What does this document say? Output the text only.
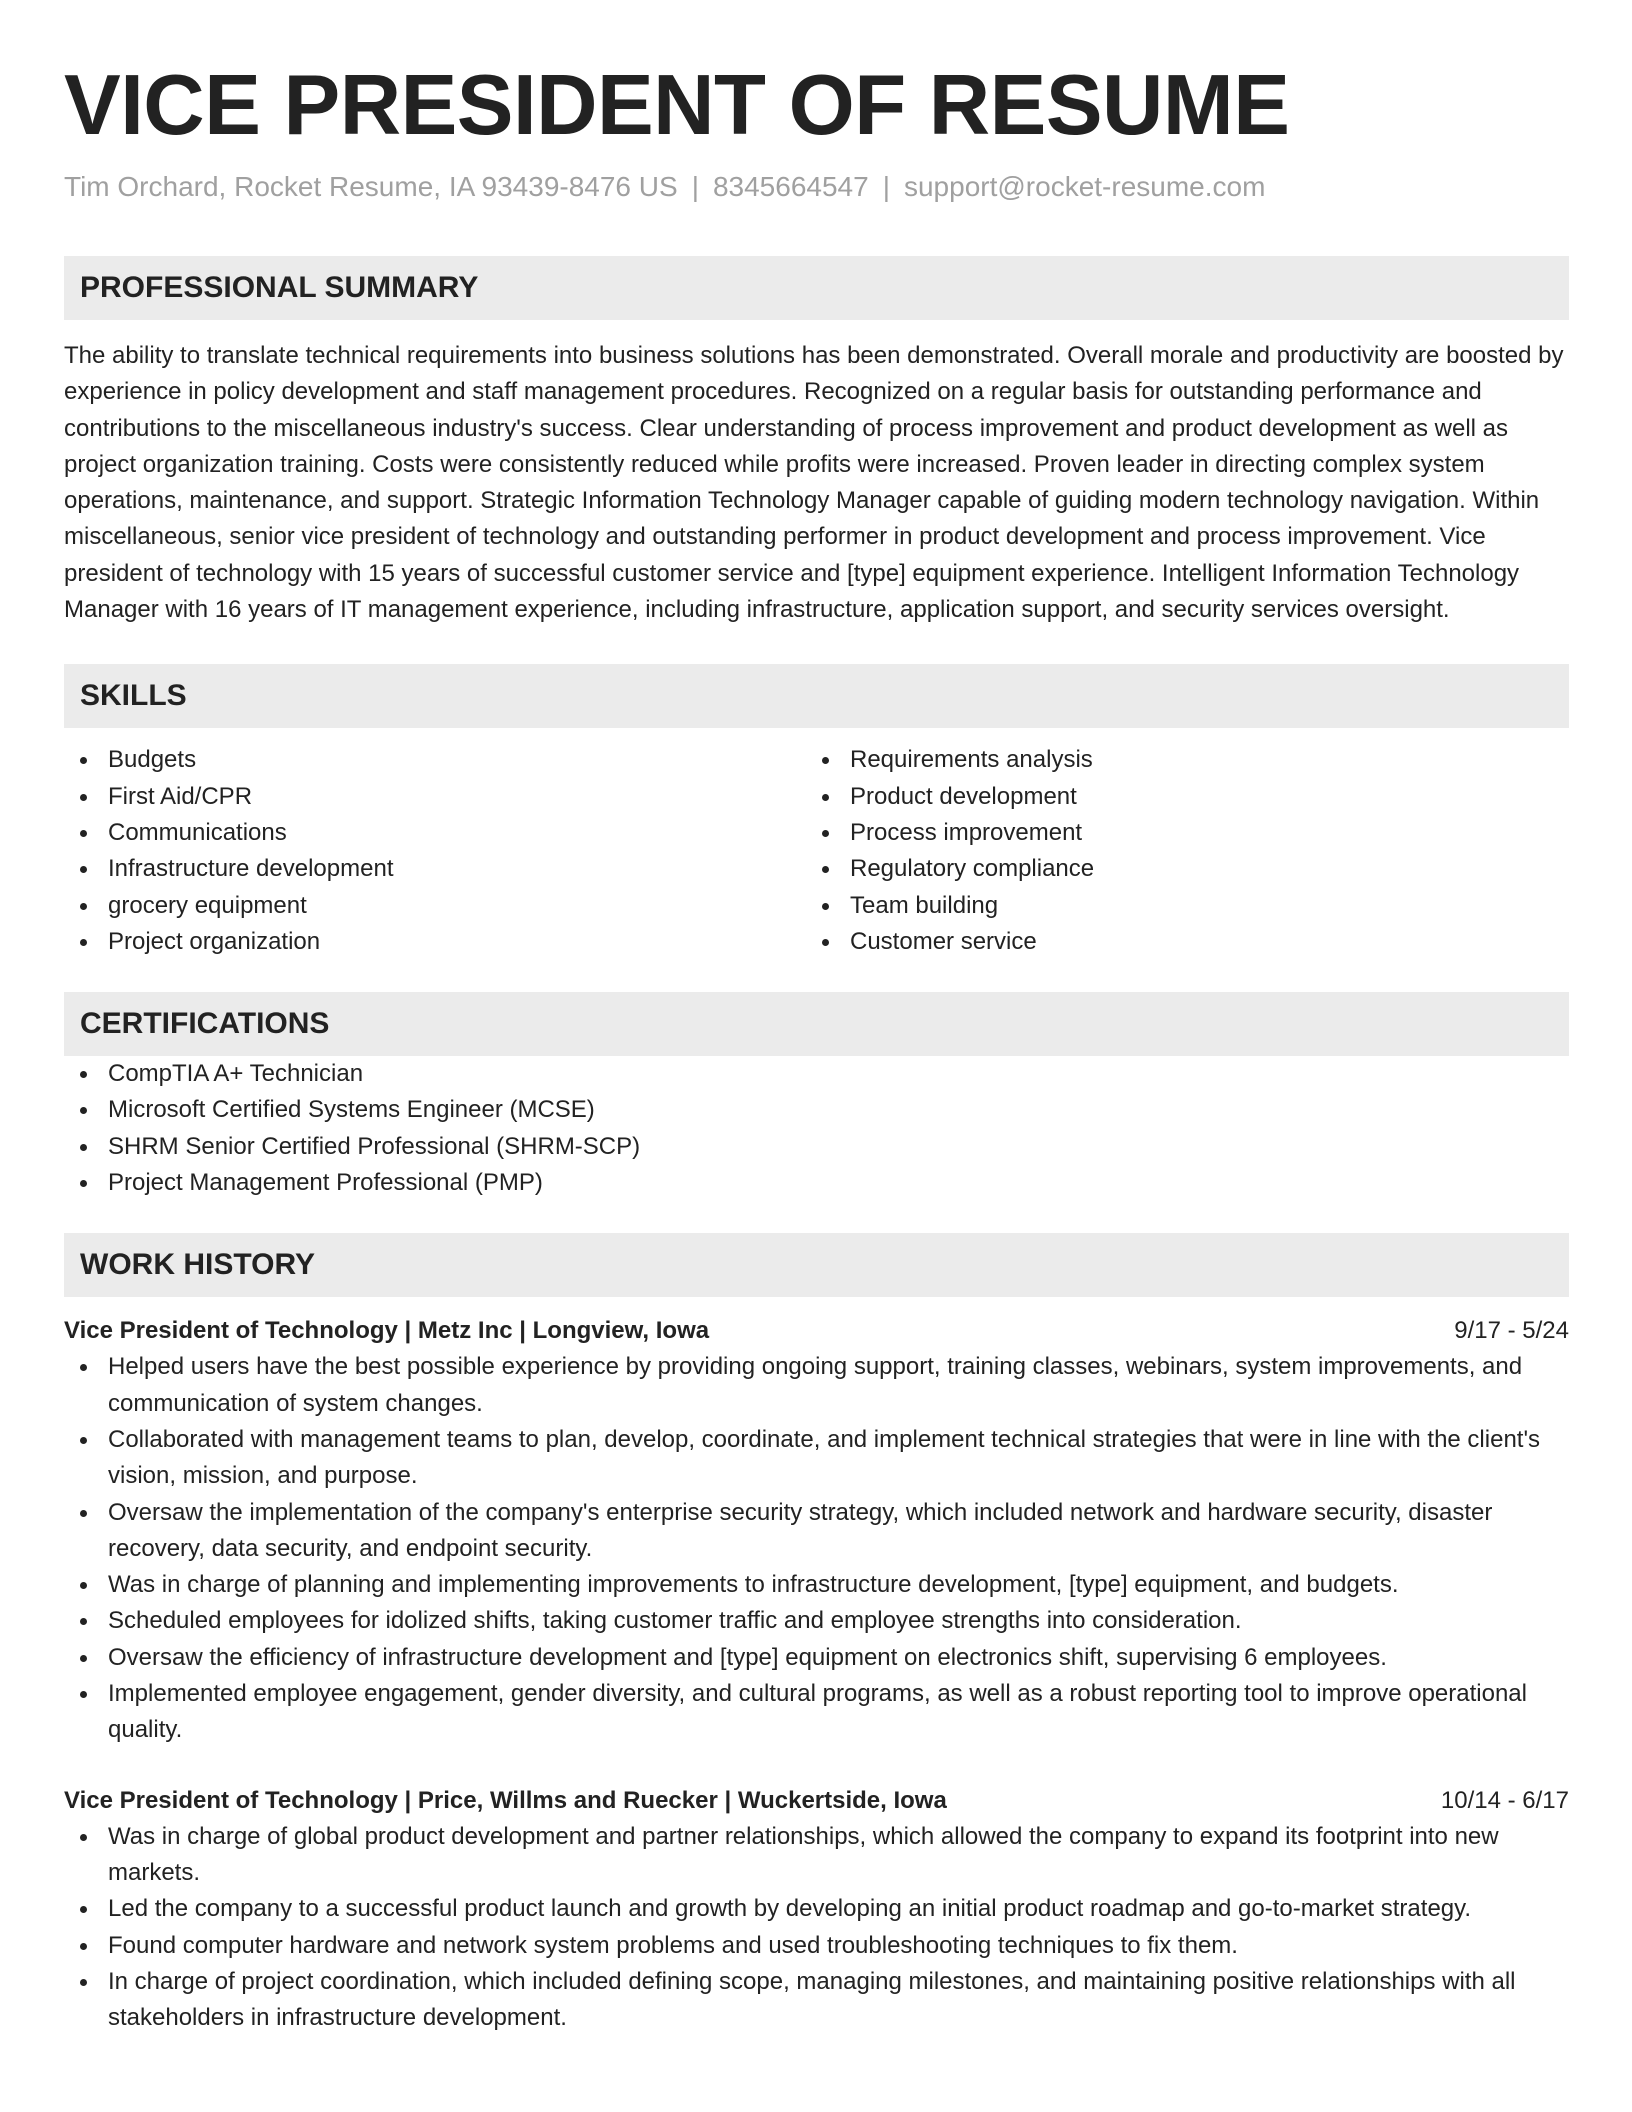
VICE PRESIDENT OF RESUME
Tim Orchard, Rocket Resume, IA 93439-8476 US | 8345664547 | support@rocket-resume.com
PROFESSIONAL SUMMARY

The ability to translate technical requirements into business solutions has been demonstrated. Overall morale and productivity are boosted by experience in policy development and staff management procedures. Recognized on a regular basis for outstanding performance and contributions to the miscellaneous industry's success. Clear understanding of process improvement and product development as well as project organization training. Costs were consistently reduced while profits were increased. Proven leader in directing complex system operations, maintenance, and support. Strategic Information Technology Manager capable of guiding modern technology navigation. Within miscellaneous, senior vice president of technology and outstanding performer in product development and process improvement. Vice president of technology with 15 years of successful customer service and [type] equipment experience. Intelligent Information Technology Manager with 16 years of IT management experience, including infrastructure, application support, and security services oversight.

SKILLS
Budgets
First Aid/CPR
Communications
Infrastructure development
grocery equipment
Project organization
Requirements analysis
Product development
Process improvement
Regulatory compliance
Team building
Customer service
CERTIFICATIONS
CompTIA A+ Technician
Microsoft Certified Systems Engineer (MCSE)
SHRM Senior Certified Professional (SHRM-SCP)
Project Management Professional (PMP)
WORK HISTORY
Vice President of Technology | Metz Inc | Longview, Iowa	9/17 - 5/24
Helped users have the best possible experience by providing ongoing support, training classes, webinars, system improvements, and communication of system changes.
Collaborated with management teams to plan, develop, coordinate, and implement technical strategies that were in line with the client's vision, mission, and purpose.
Oversaw the implementation of the company's enterprise security strategy, which included network and hardware security, disaster recovery, data security, and endpoint security.
Was in charge of planning and implementing improvements to infrastructure development, [type] equipment, and budgets.
Scheduled employees for idolized shifts, taking customer traffic and employee strengths into consideration.
Oversaw the efficiency of infrastructure development and [type] equipment on electronics shift, supervising 6 employees.
Implemented employee engagement, gender diversity, and cultural programs, as well as a robust reporting tool to improve operational quality.
Vice President of Technology | Price, Willms and Ruecker | Wuckertside, Iowa	10/14 - 6/17
Was in charge of global product development and partner relationships, which allowed the company to expand its footprint into new markets.
Led the company to a successful product launch and growth by developing an initial product roadmap and go-to-market strategy.
Found computer hardware and network system problems and used troubleshooting techniques to fix them.
In charge of project coordination, which included defining scope, managing milestones, and maintaining positive relationships with all stakeholders in infrastructure development.
